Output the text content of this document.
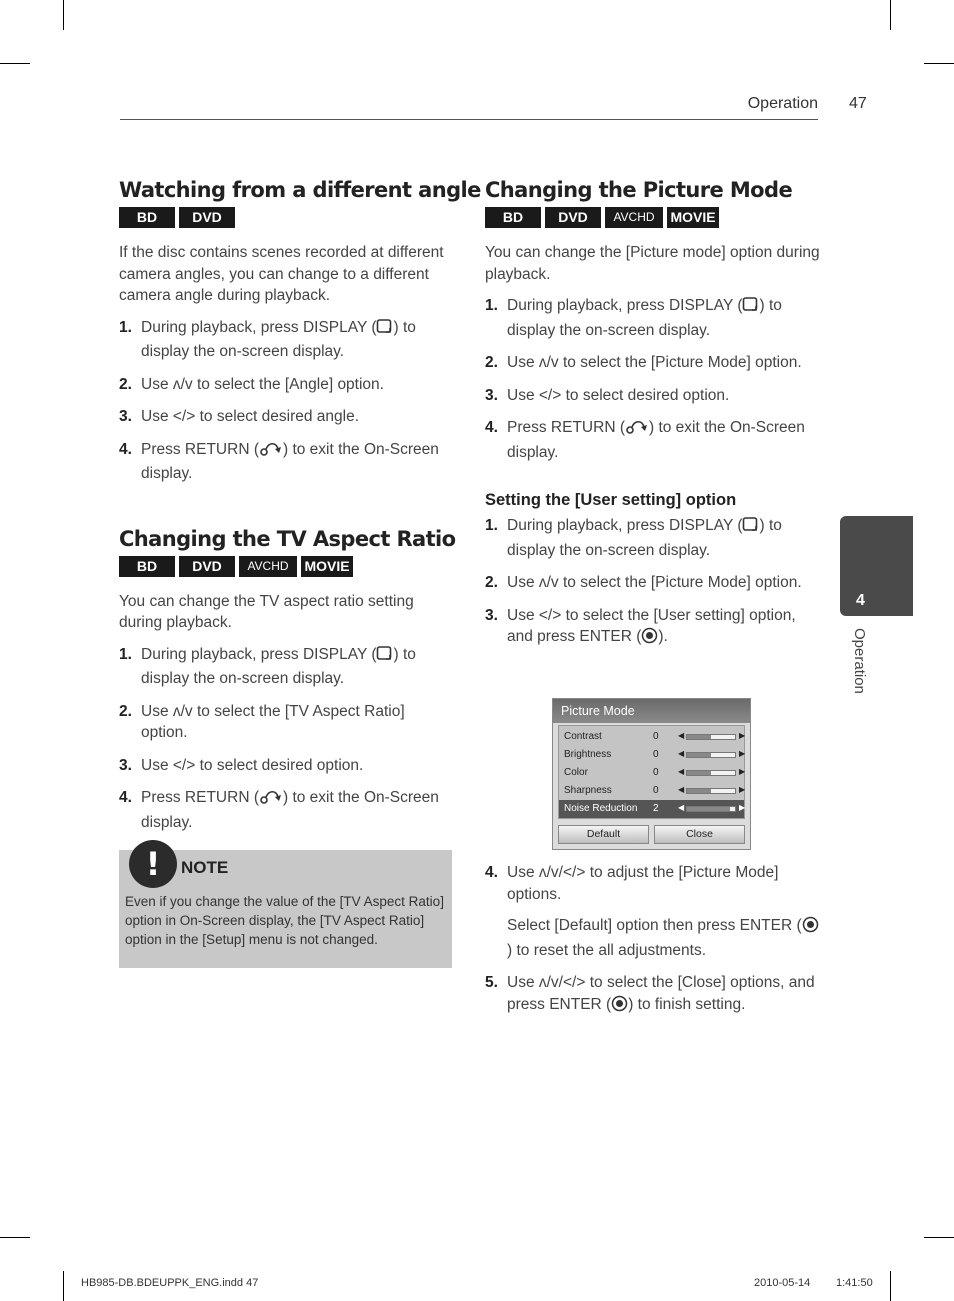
Operation 47
Watching from a different angle
BD	DVD

If the disc contains scenes recorded at different camera angles, you can change to a different camera angle during playback.

1. During playback, press DISPLAY ( ) to display the on-screen display.
2. Use ʌ/v to select the [Angle] option.
3. Use </> to select desired angle.
4. Press RETURN ( ) to exit the On-Screen display.
Changing the TV Aspect Ratio
BD	DVD	AVCHD	MOVIE

You can change the TV aspect ratio setting during playback.

1. During playback, press DISPLAY ( ) to display the on-screen display.
2. Use ʌ/v to select the [TV Aspect Ratio] option.
3. Use </> to select desired option.
4. Press RETURN ( ) to exit the On-Screen display.
!	NOTE
Even if you change the value of the [TV Aspect Ratio] option in On-Screen display, the [TV Aspect Ratio] option in the [Setup] menu is not changed.
Changing the Picture Mode
BD	DVD	AVCHD	MOVIE

You can change the [Picture mode] option during playback.

1. During playback, press DISPLAY ( ) to display the on-screen display.
2. Use ʌ/v to select the [Picture Mode] option.
3. Use </> to select desired option.
4. Press RETURN ( ) to exit the On-Screen display.
Setting the [User setting] option
1. During playback, press DISPLAY ( ) to display the on-screen display.
2. Use ʌ/v to select the [Picture Mode] option.
3. Use </> to select the [User setting] option, and press ENTER ( ).
4. Use ʌ/v/</> to adjust the [Picture Mode] options.
Select [Default] option then press ENTER () to reset the all adjustments.
5. Use ʌ/v/</> to select the [Close] options, and press ENTER ( ) to finish setting.
Picture Mode
Contrast	0 ◀	▶
Brightness	0 ◀	▶
Color	0 ◀	▶
Sharpness	0 ◀	▶
Noise Reduction 2 ◀	▶
Default	Close
4
Operation
HB985-DB.BDEUPPK_ENG.indd 47	2010-05-14 1:41:50
